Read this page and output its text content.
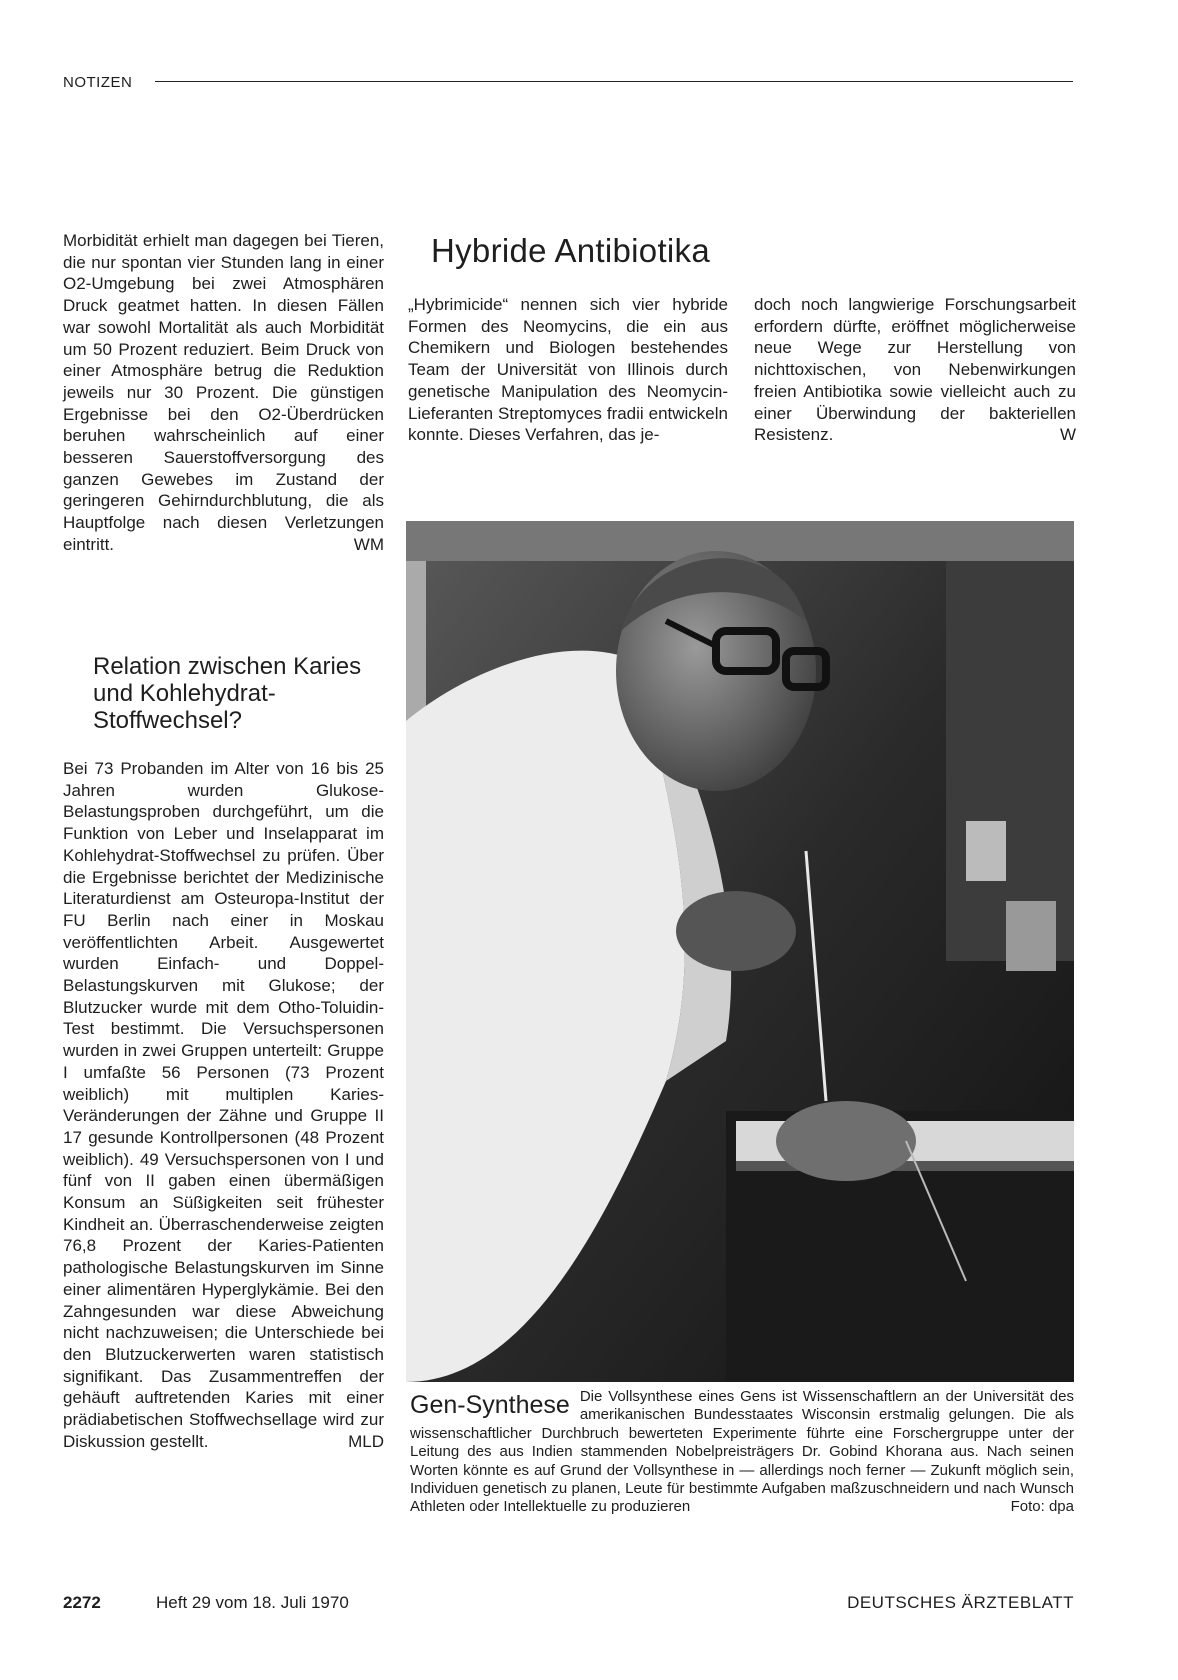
NOTIZEN

Morbidität erhielt man dagegen bei Tieren, die nur spontan vier Stunden lang in einer O2-Umgebung bei zwei Atmosphären Druck geatmet hatten. In diesen Fällen war sowohl Mortalität als auch Morbidität um 50 Prozent reduziert. Beim Druck von einer Atmosphäre betrug die Reduktion jeweils nur 30 Prozent. Die günstigen Ergebnisse bei den O2-Überdrücken beruhen wahrscheinlich auf einer besseren Sauerstoffversorgung des ganzen Gewebes im Zustand der geringeren Gehirndurchblutung, die als Hauptfolge nach diesen Verletzungen eintritt.	WM

Relation zwischen Karies und Kohlehydrat-Stoffwechsel?

Bei 73 Probanden im Alter von 16 bis 25 Jahren wurden Glukose-Belastungsproben durchgeführt, um die Funktion von Leber und Inselapparat im Kohlehydrat-Stoffwechsel zu prüfen. Über die Ergebnisse berichtet der Medizinische Literaturdienst am Osteuropa-Institut der FU Berlin nach einer in Moskau veröffentlichten Arbeit. Ausgewertet wurden Einfach- und Doppel-Belastungskurven mit Glukose; der Blutzucker wurde mit dem Otho-Toluidin-Test bestimmt. Die Versuchspersonen wurden in zwei Gruppen unterteilt: Gruppe I umfaßte 56 Personen (73 Prozent weiblich) mit multiplen Karies-Veränderungen der Zähne und Gruppe II 17 gesunde Kontrollpersonen (48 Prozent weiblich). 49 Versuchspersonen von I und fünf von II gaben einen übermäßigen Konsum an Süßigkeiten seit frühester Kindheit an. Überraschenderweise zeigten 76,8 Prozent der Karies-Patienten pathologische Belastungskurven im Sinne einer alimentären Hyperglykämie. Bei den Zahngesunden war diese Abweichung nicht nachzuweisen; die Unterschiede bei den Blutzuckerwerten waren statistisch signifikant. Das Zusammentreffen der gehäuft auftretenden Karies mit einer prädiabetischen Stoffwechsellage wird zur Diskussion gestellt.	MLD

Hybride Antibiotika

„Hybrimicide“ nennen sich vier hybride Formen des Neomycins, die ein aus Chemikern und Biologen bestehendes Team der Universität von Illinois durch genetische Manipulation des Neomycin-Lieferanten Streptomyces fradii entwickeln konnte. Dieses Verfahren, das je-

doch noch langwierige Forschungsarbeit erfordern dürfte, eröffnet möglicherweise neue Wege zur Herstellung von nichttoxischen, von Nebenwirkungen freien Antibiotika sowie vielleicht auch zu einer Überwindung der bakteriellen Resistenz.	W

Gen-Synthese Die Vollsynthese eines Gens ist Wissenschaftlern an der Universität des amerikanischen Bundesstaates Wisconsin erstmalig gelungen. Die als wissenschaftlicher Durchbruch bewerteten Experimente führte eine Forschergruppe unter der Leitung des aus Indien stammenden Nobelpreisträgers Dr. Gobind Khorana aus. Nach seinen Worten könnte es auf Grund der Vollsynthese in — allerdings noch ferner — Zukunft möglich sein, Individuen genetisch zu planen, Leute für bestimmte Aufgaben maßzuschneidern und nach Wunsch Athleten oder Intellektuelle zu produzieren	Foto: dpa
2272	Heft 29 vom 18. Juli 1970	DEUTSCHES ÄRZTEBLATT
